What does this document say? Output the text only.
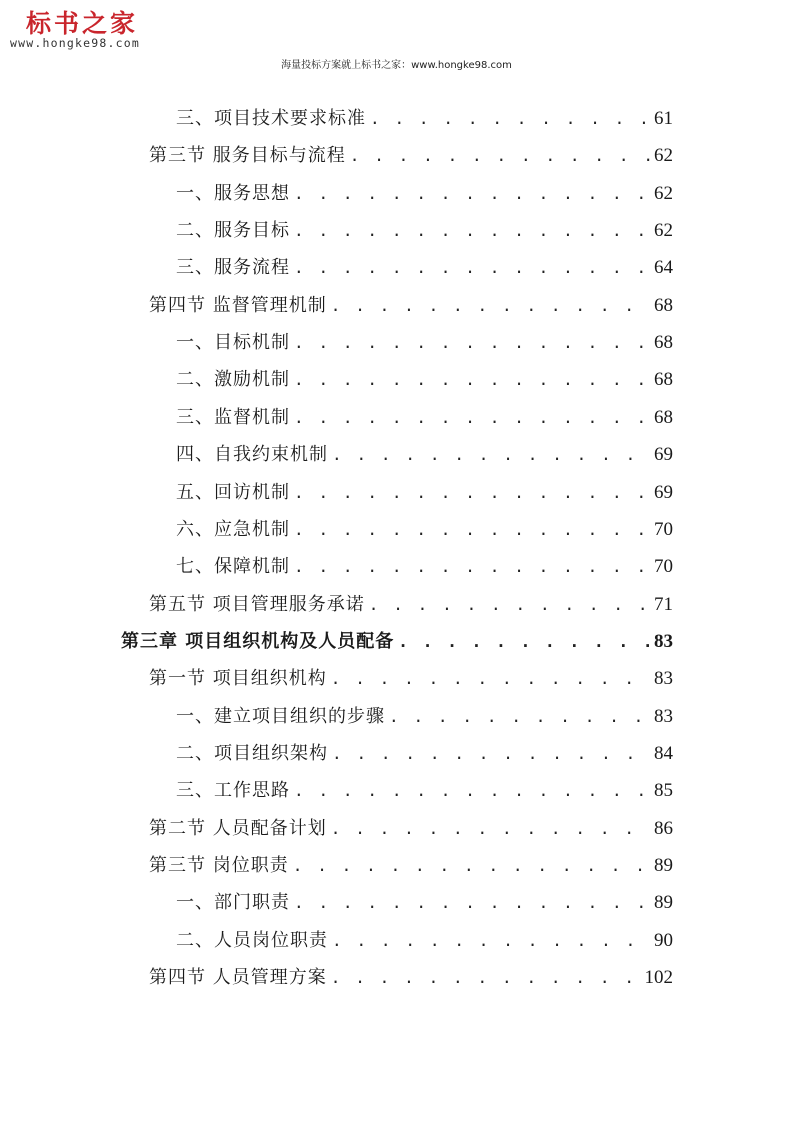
标书之家
www.hongke98.com
海量投标方案就上标书之家：www.hongke98.com
三、项目技术要求标准 . . .	61
第三节 服务目标与流程 . . .	62
一、服务思想 . . .	62
二、服务目标 . . .	62
三、服务流程 . . .	64
第四节 监督管理机制 . . .	68
一、目标机制 . . .	68
二、激励机制 . . .	68
三、监督机制 . . .	68
四、自我约束机制 . . .	69
五、回访机制 . . .	69
六、应急机制 . . .	70
七、保障机制 . . .	70
第五节 项目管理服务承诺 . . .	71
第三章 项目组织机构及人员配备 . . .	83
第一节 项目组织机构 . . .	83
一、建立项目组织的步骤 . . .	83
二、项目组织架构 . . .	84
三、工作思路 . . .	85
第二节 人员配备计划 . . .	86
第三节 岗位职责 . . .	89
一、部门职责 . . .	89
二、人员岗位职责 . . .	90
第四节 人员管理方案 . . .	102
